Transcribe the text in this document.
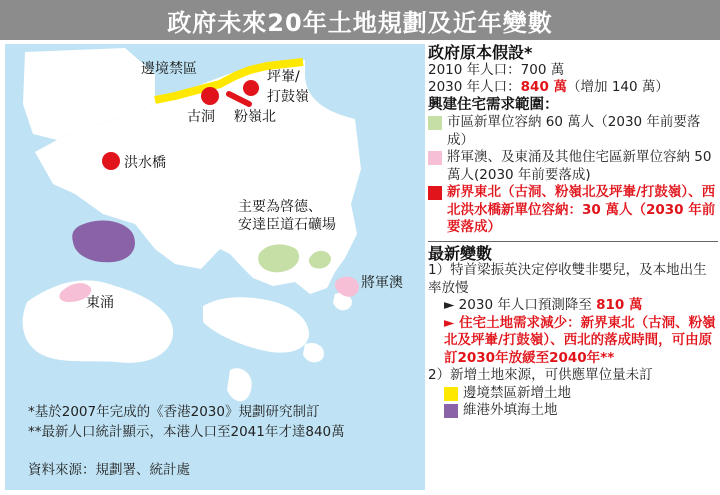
政府未來20年土地規劃及近年變數
邊境禁區	坪輋/
打鼓嶺
古洞 粉嶺北
洪水橋
主要為啓德、
安達臣道石礦場
將軍澳
東涌
*基於2007年完成的《香港2030》規劃研究制訂
**最新人口統計顯示，本港人口至2041年才達840萬
資料來源：規劃署、統計處
政府原本假設*
2010 年人口：700 萬
2030 年人口：840 萬（增加 140 萬）
興建住宅需求範圍：
市區新單位容納 60 萬人（2030 年前要落成）
將軍澳、及東涌及其他住宅區新單位容納 50 萬人(2030 年前要落成)
新界東北（古洞、粉嶺北及坪輋/打鼓嶺）、西北洪水橋新單位容納：30 萬人（2030 年前要落成）
最新變數
1）特首梁振英決定停收雙非嬰兒，及本地出生率放慢
► 2030 年人口預測降至 810 萬
► 住宅土地需求減少：新界東北（古洞、粉嶺北及坪輋/打鼓嶺）、西北的落成時間，可由原訂2030年放緩至2040年**
2）新增土地來源，可供應單位量未訂
邊境禁區新增土地
維港外填海土地
